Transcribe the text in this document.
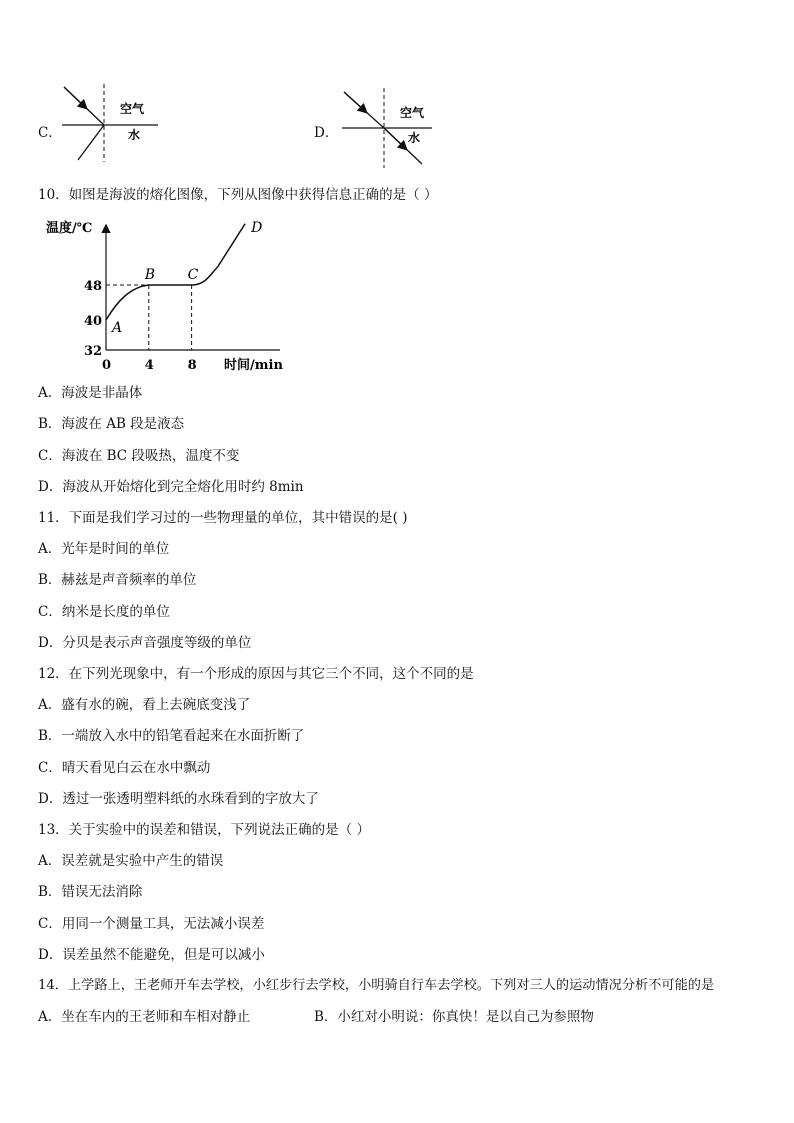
C．
空气
水	D．
空气
水
10．如图是海波的熔化图像，下列从图像中获得信息正确的是（ ）
温度/℃
时间/min
32
40
48
0	4	8
A
B C
D
A．海波是非晶体
B．海波在 AB 段是液态
C．海波在 BC 段吸热，温度不变
D．海波从开始熔化到完全熔化用时约 8min
11．下面是我们学习过的一些物理量的单位，其中错误的是( )
A．光年是时间的单位
B．赫兹是声音频率的单位
C．纳米是长度的单位
D．分贝是表示声音强度等级的单位
12．在下列光现象中，有一个形成的原因与其它三个不同，这个不同的是
A．盛有水的碗，看上去碗底变浅了
B．一端放入水中的铅笔看起来在水面折断了
C．晴天看见白云在水中飘动
D．透过一张透明塑料纸的水珠看到的字放大了
13．关于实验中的误差和错误，下列说法正确的是（ ）
A．误差就是实验中产生的错误
B．错误无法消除
C．用同一个测量工具，无法减小误差
D．误差虽然不能避免，但是可以减小
14．上学路上，王老师开车去学校，小红步行去学校，小明骑自行车去学校。下列对三人的运动情况分析不可能的是
A．坐在车内的王老师和车相对静止	B．小红对小明说：你真快！是以自己为参照物
